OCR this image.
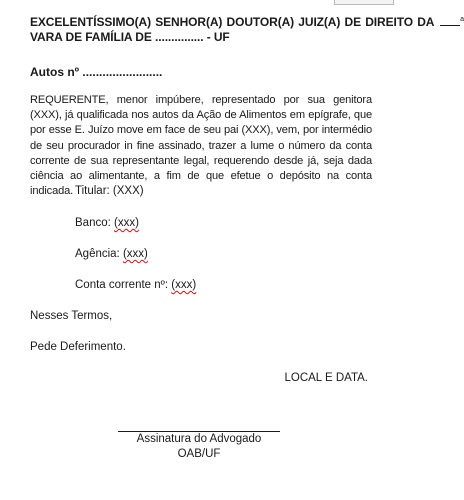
EXCELENTÍSSIMO(A) SENHOR(A) DOUTOR(A) JUIZ(A) DE DIREITO DA	$^a$
VARA DE FAMÍLIA DE ............... - UF
Autos nº ........................
REQUERENTE, menor impúbere, representado por sua genitora (XXX), já qualificada nos autos da Ação de Alimentos em epígrafe, que por esse E. Juízo move em face de seu pai (XXX), vem, por intermédio de seu procurador in fine assinado, trazer a lume o número da conta corrente de sua representante legal, requerendo desde já, seja dada ciência ao alimentante, a fim de que efetue o depósito na conta indicada. Titular: (XXX)
Banco: (xxx)
Agência: (xxx)
Conta corrente nº: (xxx)
Nesses Termos,
Pede Deferimento.
LOCAL E DATA.
Assinatura do Advogado
OAB/UF
